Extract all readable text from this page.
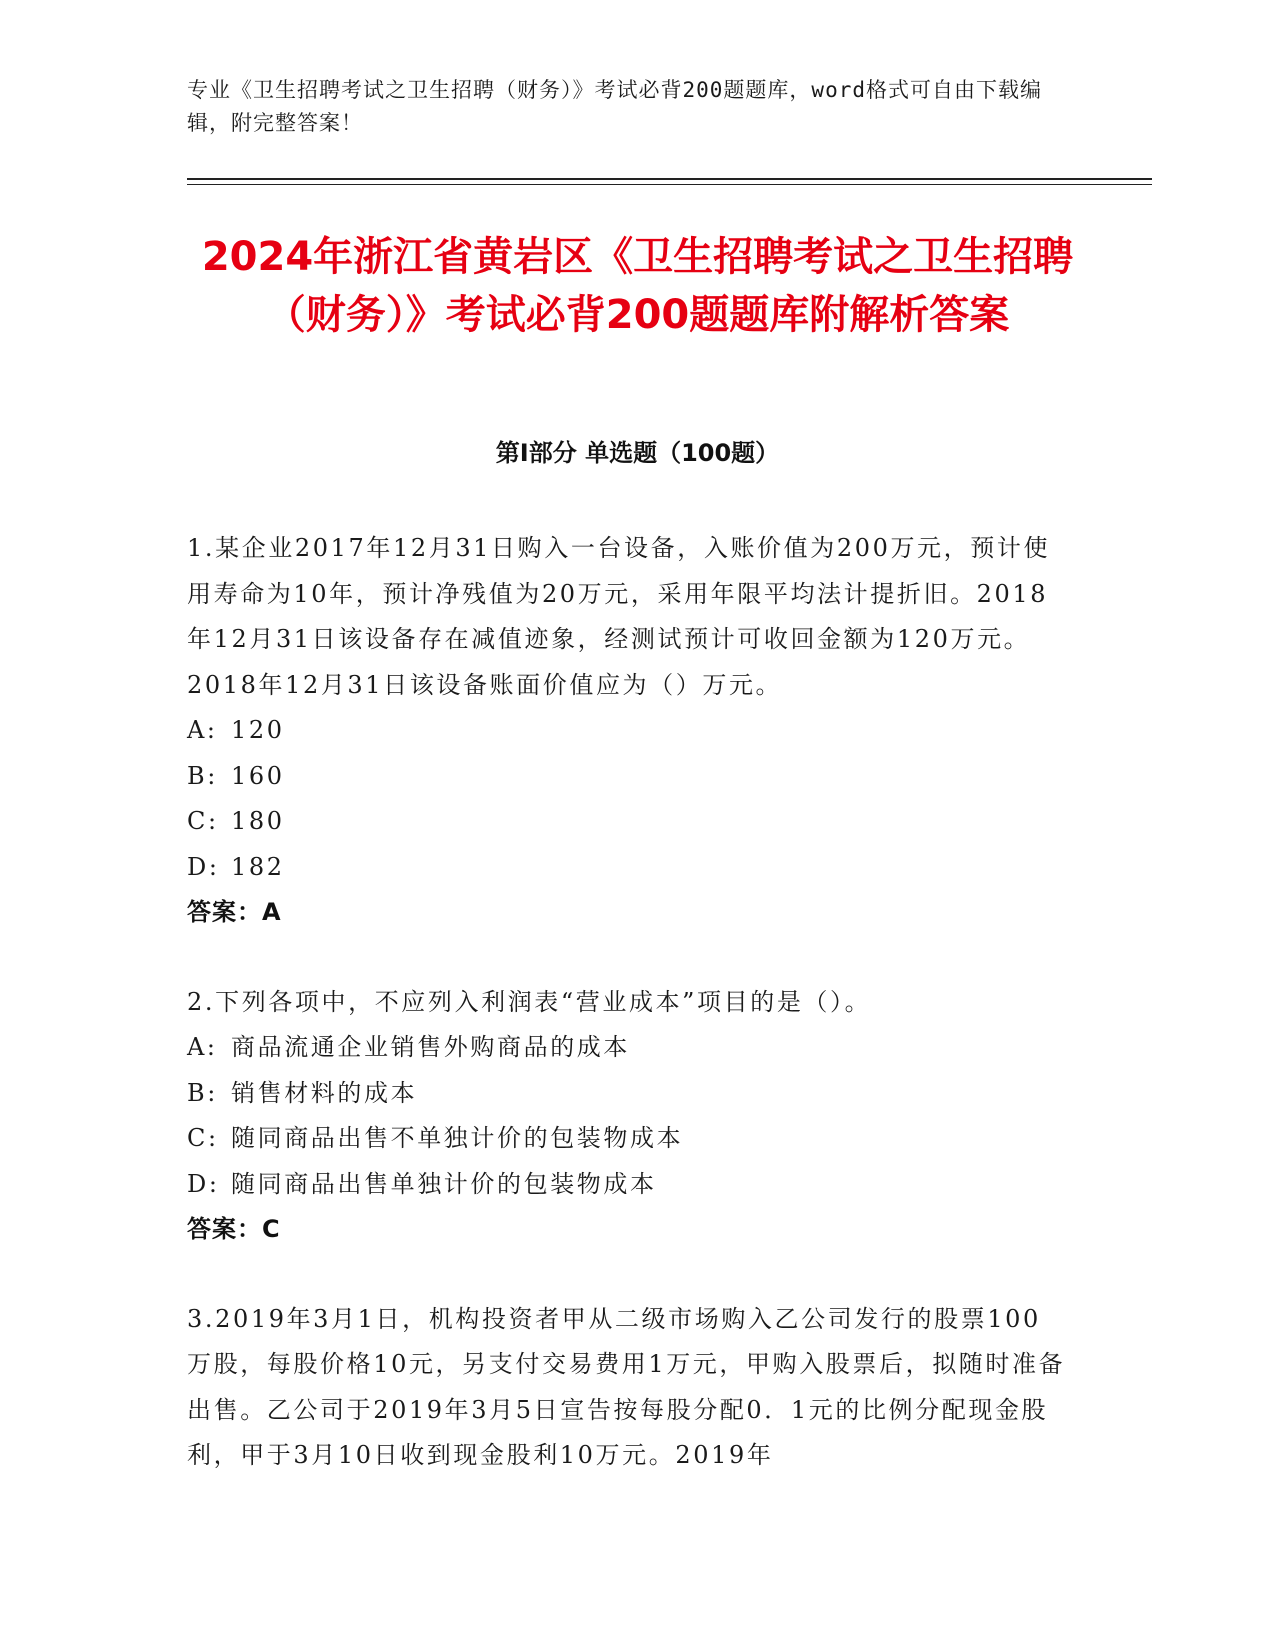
专业《卫生招聘考试之卫生招聘（财务）》考试必背200题题库，word格式可自由下载编辑，附完整答案！
2024年浙江省黄岩区《卫生招聘考试之卫生招聘（财务）》考试必背200题题库附解析答案
第I部分 单选题（100题）

1.某企业2017年12月31日购入一台设备，入账价值为200万元，预计使用寿命为10年，预计净残值为20万元，采用年限平均法计提折旧。2018年12月31日该设备存在减值迹象，经测试预计可收回金额为120万元。2018年12月31日该设备账面价值应为（）万元。

A: 120
B: 160
C: 180
D: 182
答案：A

2.下列各项中，不应列入利润表“营业成本”项目的是（）。

A: 商品流通企业销售外购商品的成本
B: 销售材料的成本
C: 随同商品出售不单独计价的包装物成本
D: 随同商品出售单独计价的包装物成本
答案：C

3.2019年3月1日，机构投资者甲从二级市场购入乙公司发行的股票100万股，每股价格10元，另支付交易费用1万元，甲购入股票后，拟随时准备出售。乙公司于2019年3月5日宣告按每股分配0．1元的比例分配现金股利，甲于3月10日收到现金股利10万元。2019年
